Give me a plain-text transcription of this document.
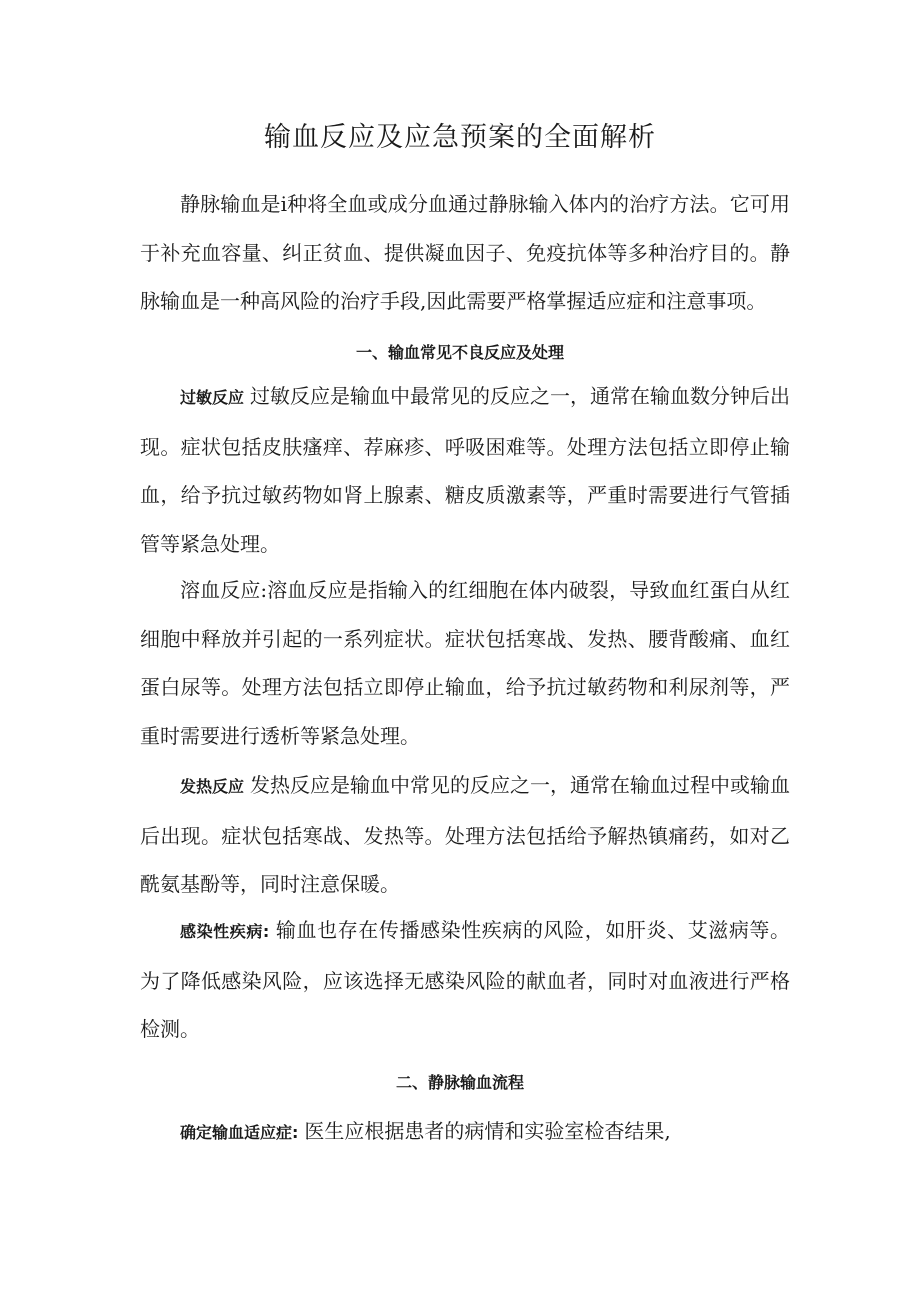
输血反应及应急预案的全面解析

静脉输血是i种将全血或成分血通过静脉输入体内的治疗方法。它可用于补充血容量、纠正贫血、提供凝血因子、免疫抗体等多种治疗目的。静脉输血是一种高风险的治疗手段,因此需要严格掌握适应症和注意事项。

一、输血常见不良反应及处理

过敏反应 过敏反应是输血中最常见的反应之一，通常在输血数分钟后出现。症状包括皮肤瘙痒、荐麻疹、呼吸困难等。处理方法包括立即停止输血，给予抗过敏药物如肾上腺素、糖皮质激素等，严重时需要进行气管插管等紧急处理。

溶血反应:溶血反应是指输入的红细胞在体内破裂，导致血红蛋白从红细胞中释放并引起的一系列症状。症状包括寒战、发热、腰背酸痛、血红蛋白尿等。处理方法包括立即停止输血，给予抗过敏药物和利尿剂等，严重时需要进行透析等紧急处理。

发热反应 发热反应是输血中常见的反应之一，通常在输血过程中或输血后出现。症状包括寒战、发热等。处理方法包括给予解热镇痛药，如对乙酰氨基酚等，同时注意保暖。

感染性疾病: 输血也存在传播感染性疾病的风险，如肝炎、艾滋病等。为了降低感染风险，应该选择无感染风险的献血者，同时对血液进行严格检测。

二、静脉输血流程

确定输血适应症: 医生应根据患者的病情和实验室检杳结果,
